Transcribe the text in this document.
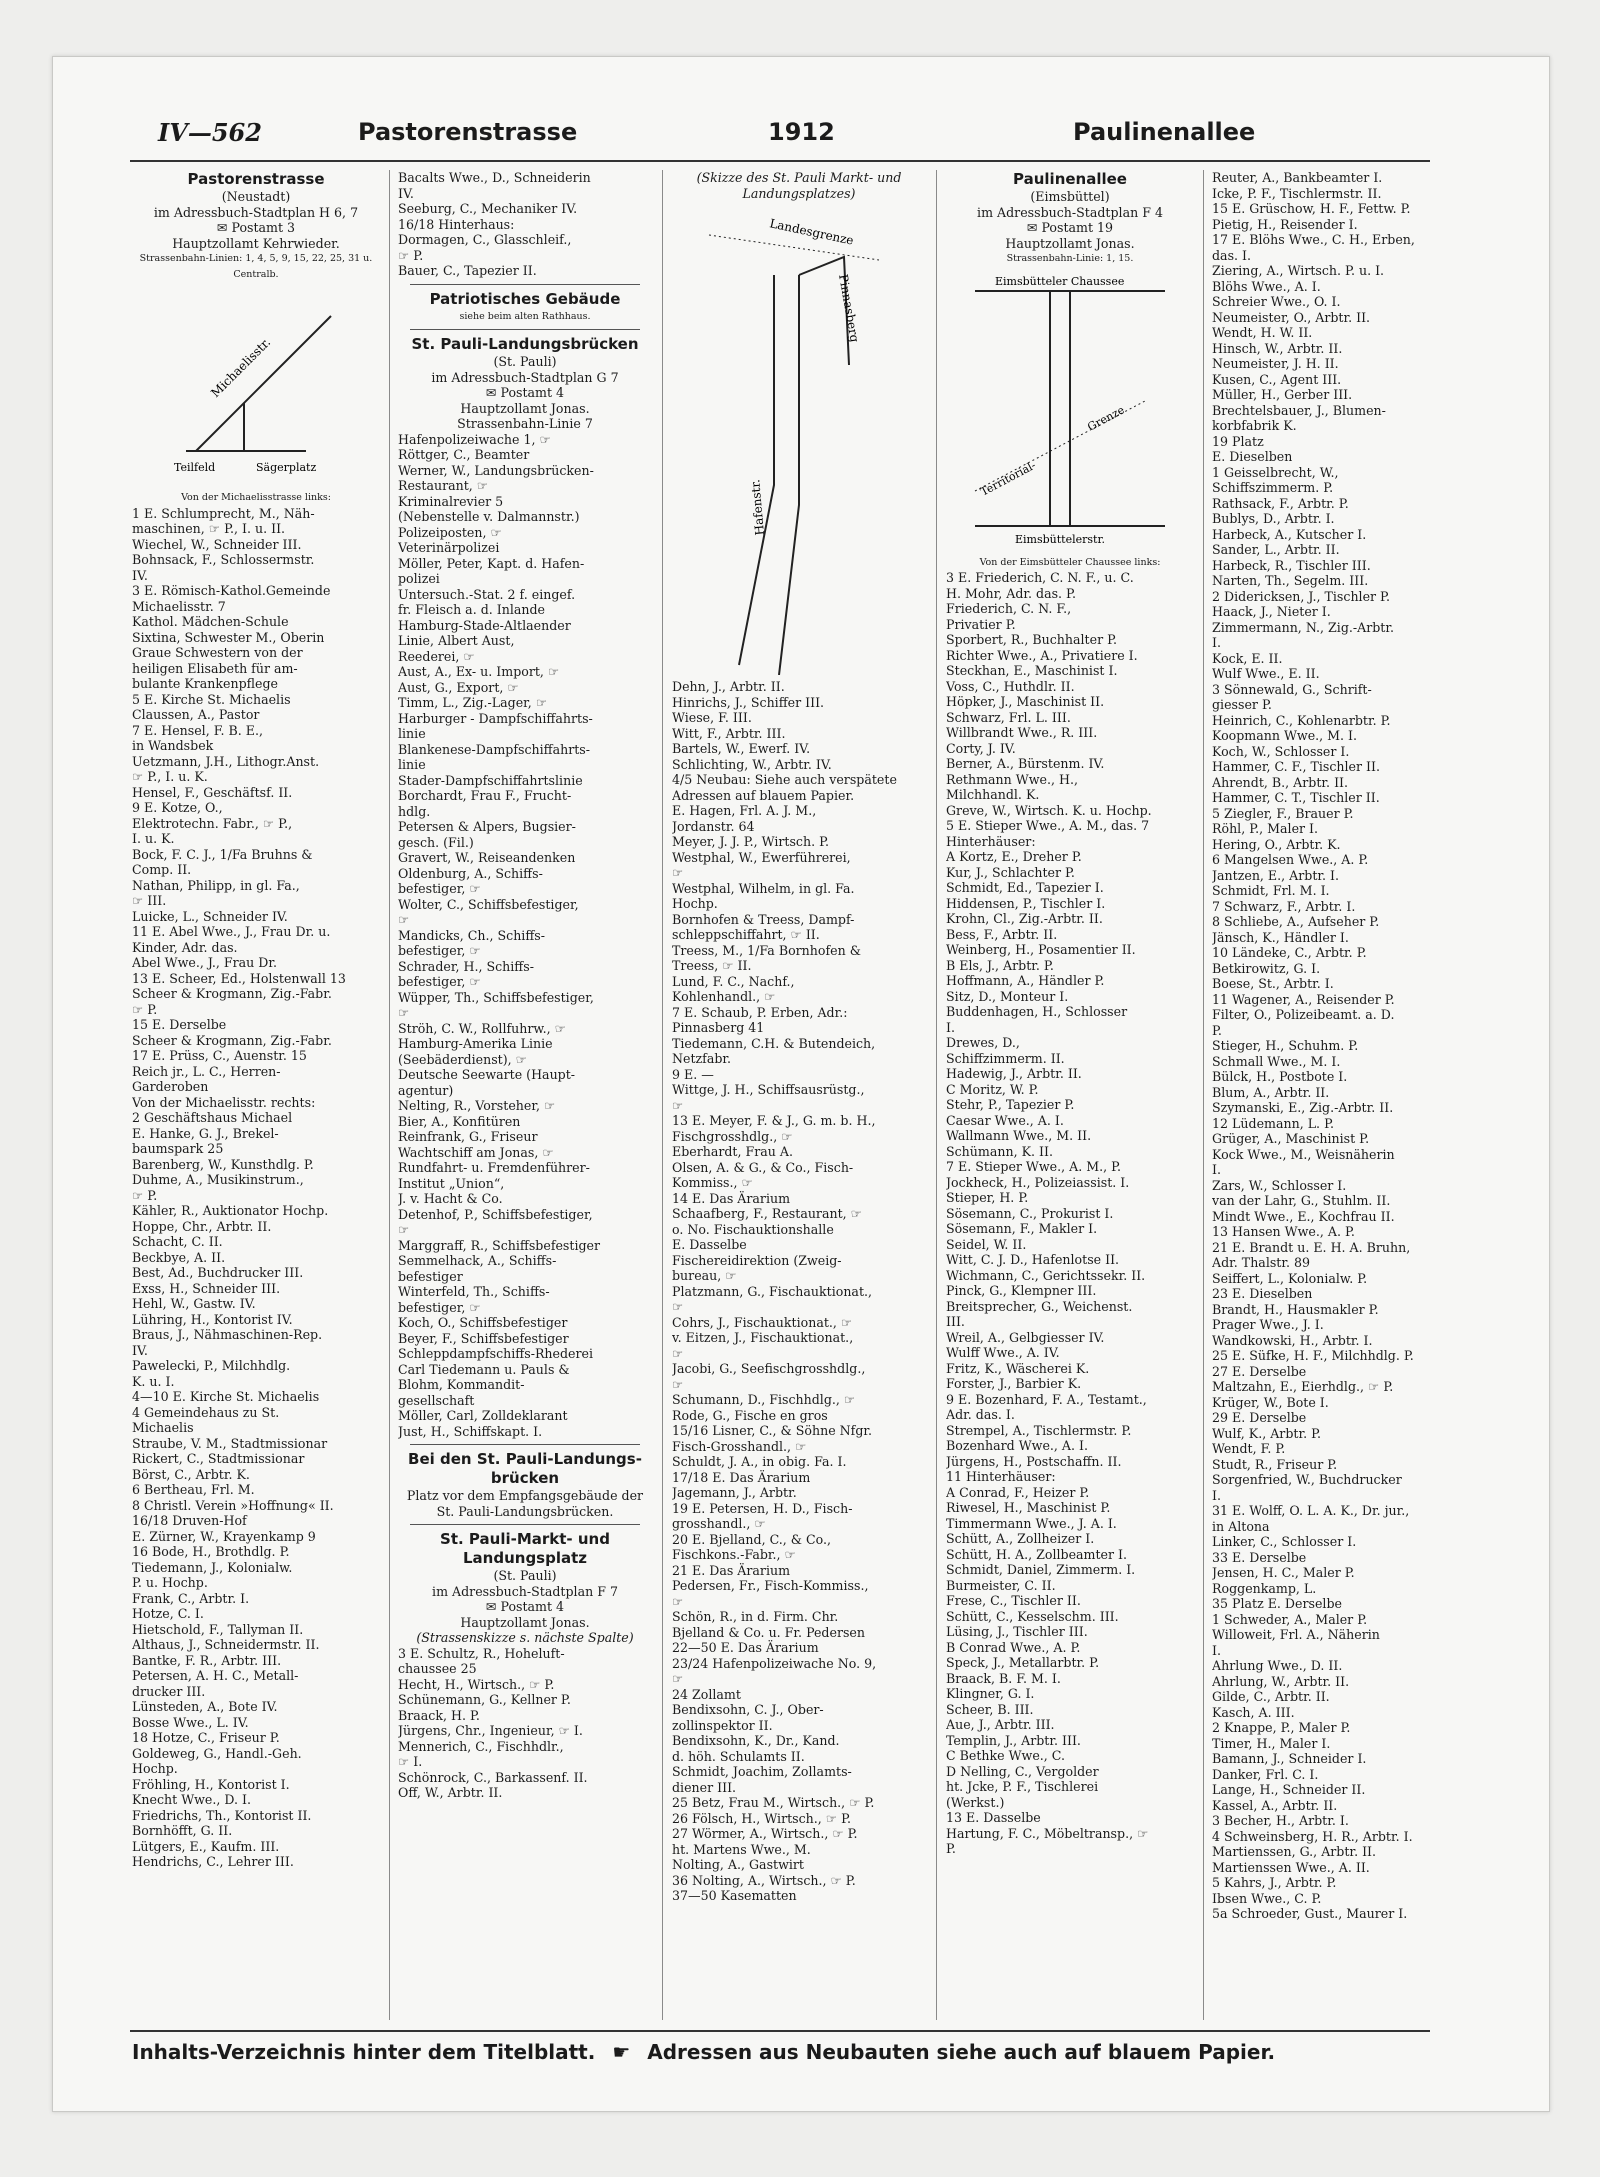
IV—562	Pastorenstrasse	1912	Paulinenallee
Pastorenstrasse
(Neustadt)
im Adressbuch-Stadtplan H 6, 7
✉ Postamt 3
Hauptzollamt Kehrwieder.
Strassenbahn-Linien: 1, 4, 5, 9, 15, 22, 25, 31 u. Centralb.
Michaelisstr.
Teilfeld	Sägerplatz
Von der Michaelisstrasse links:
1 E. Schlumprecht, M., Näh-
maschinen, ☞ P., I. u. II.
Wiechel, W., Schneider III.
Bohnsack, F., Schlossermstr.
IV.
3 E. Römisch-Kathol.Gemeinde
Michaelisstr. 7
Kathol. Mädchen-Schule
Sixtina, Schwester M., Oberin
Graue Schwestern von der
heiligen Elisabeth für am-
bulante Krankenpflege
5 E. Kirche St. Michaelis
Claussen, A., Pastor
7 E. Hensel, F. B. E.,
in Wandsbek
Uetzmann, J.H., Lithogr.Anst.
☞ P., I. u. K.
Hensel, F., Geschäftsf. II.
9 E. Kotze, O.,
Elektrotechn. Fabr., ☞ P.,
I. u. K.
Bock, F. C. J., 1/Fa Bruhns &
Comp. II.
Nathan, Philipp, in gl. Fa.,
☞ III.
Luicke, L., Schneider IV.
11 E. Abel Wwe., J., Frau Dr. u.
Kinder, Adr. das.
Abel Wwe., J., Frau Dr.
13 E. Scheer, Ed., Holstenwall 13
Scheer & Krogmann, Zig.-Fabr.
☞ P.
15 E. Derselbe
Scheer & Krogmann, Zig.-Fabr.
17 E. Prüss, C., Auenstr. 15
Reich jr., L. C., Herren-
Garderoben
Von der Michaelisstr. rechts:
2 Geschäftshaus Michael
E. Hanke, G. J., Brekel-
baumspark 25
Barenberg, W., Kunsthdlg. P.
Duhme, A., Musikinstrum.,
☞ P.
Kähler, R., Auktionator Hochp.
Hoppe, Chr., Arbtr. II.
Schacht, C. II.
Beckbye, A. II.
Best, Ad., Buchdrucker III.
Exss, H., Schneider III.
Hehl, W., Gastw. IV.
Lühring, H., Kontorist IV.
Braus, J., Nähmaschinen-Rep.
IV.
Pawelecki, P., Milchhdlg.
K. u. I.
4—10 E. Kirche St. Michaelis
4 Gemeindehaus zu St.
Michaelis
Straube, V. M., Stadtmissionar
Rickert, C., Stadtmissionar
Börst, C., Arbtr. K.
6 Bertheau, Frl. M.
8 Christl. Verein »Hoffnung« II.
16/18 Druven-Hof
E. Zürner, W., Krayenkamp 9
16 Bode, H., Brothdlg. P.
Tiedemann, J., Kolonialw.
P. u. Hochp.
Frank, C., Arbtr. I.
Hotze, C. I.
Hietschold, F., Tallyman II.
Althaus, J., Schneidermstr. II.
Bantke, F. R., Arbtr. III.
Petersen, A. H. C., Metall-
drucker III.
Lünsteden, A., Bote IV.
Bosse Wwe., L. IV.
18 Hotze, C., Friseur P.
Goldeweg, G., Handl.-Geh.
Hochp.
Fröhling, H., Kontorist I.
Knecht Wwe., D. I.
Friedrichs, Th., Kontorist II.
Bornhöfft, G. II.
Lütgers, E., Kaufm. III.
Hendrichs, C., Lehrer III.
Bacalts Wwe., D., Schneiderin
IV.
Seeburg, C., Mechaniker IV.
16/18 Hinterhaus:
Dormagen, C., Glasschleif.,
☞ P.
Bauer, C., Tapezier II.
Patriotisches Gebäude
siehe beim alten Rathhaus.
St. Pauli-Landungsbrücken
(St. Pauli)
im Adressbuch-Stadtplan G 7
✉ Postamt 4
Hauptzollamt Jonas.
Strassenbahn-Linie 7
Hafenpolizeiwache 1, ☞
Röttger, C., Beamter
Werner, W., Landungsbrücken-
Restaurant, ☞
Kriminalrevier 5
(Nebenstelle v. Dalmannstr.)
Polizeiposten, ☞
Veterinärpolizei
Möller, Peter, Kapt. d. Hafen-
polizei
Untersuch.-Stat. 2 f. eingef.
fr. Fleisch a. d. Inlande
Hamburg-Stade-Altlaender
Linie, Albert Aust,
Reederei, ☞
Aust, A., Ex- u. Import, ☞
Aust, G., Export, ☞
Timm, L., Zig.-Lager, ☞
Harburger - Dampfschiffahrts-
linie
Blankenese-Dampfschiffahrts-
linie
Stader-Dampfschiffahrtslinie
Borchardt, Frau F., Frucht-
hdlg.
Petersen & Alpers, Bugsier-
gesch. (Fil.)
Gravert, W., Reiseandenken
Oldenburg, A., Schiffs-
befestiger, ☞
Wolter, C., Schiffsbefestiger,
☞
Mandicks, Ch., Schiffs-
befestiger, ☞
Schrader, H., Schiffs-
befestiger, ☞
Wüpper, Th., Schiffsbefestiger,
☞
Ströh, C. W., Rollfuhrw., ☞
Hamburg-Amerika Linie
(Seebäderdienst), ☞
Deutsche Seewarte (Haupt-
agentur)
Nelting, R., Vorsteher, ☞
Bier, A., Konfitüren
Reinfrank, G., Friseur
Wachtschiff am Jonas, ☞
Rundfahrt- u. Fremdenführer-
Institut „Union“,
J. v. Hacht & Co.
Detenhof, P., Schiffsbefestiger,
☞
Marggraff, R., Schiffsbefestiger
Semmelhack, A., Schiffs-
befestiger
Winterfeld, Th., Schiffs-
befestiger, ☞
Koch, O., Schiffsbefestiger
Beyer, F., Schiffsbefestiger
Schleppdampfschiffs-Rhederei
Carl Tiedemann u. Pauls &
Blohm, Kommandit-
gesellschaft
Möller, Carl, Zolldeklarant
Just, H., Schiffskapt. I.
Bei den St. Pauli-Landungs-brücken
Platz vor dem Empfangsgebäude der St. Pauli-Landungsbrücken.
St. Pauli-Markt- und Landungsplatz
(St. Pauli)
im Adressbuch-Stadtplan F 7
✉ Postamt 4
Hauptzollamt Jonas.
(Strassenskizze s. nächste Spalte)
3 E. Schultz, R., Hoheluft-
chaussee 25
Hecht, H., Wirtsch., ☞ P.
Schünemann, G., Kellner P.
Braack, H. P.
Jürgens, Chr., Ingenieur, ☞ I.
Mennerich, C., Fischhdlr.,
☞ I.
Schönrock, C., Barkassenf. II.
Off, W., Arbtr. II.
(Skizze des St. Pauli Markt- und Landungsplatzes)
Landesgrenze
Pinnasberg
Hafenstr.
Dehn, J., Arbtr. II.
Hinrichs, J., Schiffer III.
Wiese, F. III.
Witt, F., Arbtr. III.
Bartels, W., Ewerf. IV.
Schlichting, W., Arbtr. IV.
4/5 Neubau: Siehe auch verspätete
Adressen auf blauem Papier.
E. Hagen, Frl. A. J. M.,
Jordanstr. 64
Meyer, J. J. P., Wirtsch. P.
Westphal, W., Ewerführerei,
☞
Westphal, Wilhelm, in gl. Fa.
Hochp.
Bornhofen & Treess, Dampf-
schleppschiffahrt, ☞ II.
Treess, M., 1/Fa Bornhofen &
Treess, ☞ II.
Lund, F. C., Nachf.,
Kohlenhandl., ☞
7 E. Schaub, P. Erben, Adr.:
Pinnasberg 41
Tiedemann, C.H. & Butendeich,
Netzfabr.
9 E. —
Wittge, J. H., Schiffsausrüstg.,
☞
13 E. Meyer, F. & J., G. m. b. H.,
Fischgrosshdlg., ☞
Eberhardt, Frau A.
Olsen, A. & G., & Co., Fisch-
Kommiss., ☞
14 E. Das Ärarium
Schaafberg, F., Restaurant, ☞
o. No. Fischauktionshalle
E. Dasselbe
Fischereidirektion (Zweig-
bureau, ☞
Platzmann, G., Fischauktionat.,
☞
Cohrs, J., Fischauktionat., ☞
v. Eitzen, J., Fischauktionat.,
☞
Jacobi, G., Seefischgrosshdlg.,
☞
Schumann, D., Fischhdlg., ☞
Rode, G., Fische en gros
15/16 Lisner, C., & Söhne Nfgr.
Fisch-Grosshandl., ☞
Schuldt, J. A., in obig. Fa. I.
17/18 E. Das Ärarium
Jagemann, J., Arbtr.
19 E. Petersen, H. D., Fisch-
grosshandl., ☞
20 E. Bjelland, C., & Co.,
Fischkons.-Fabr., ☞
21 E. Das Ärarium
Pedersen, Fr., Fisch-Kommiss.,
☞
Schön, R., in d. Firm. Chr.
Bjelland & Co. u. Fr. Pedersen
22—50 E. Das Ärarium
23/24 Hafenpolizeiwache No. 9,
☞
24 Zollamt
Bendixsohn, C. J., Ober-
zollinspektor II.
Bendixsohn, K., Dr., Kand.
d. höh. Schulamts II.
Schmidt, Joachim, Zollamts-
diener III.
25 Betz, Frau M., Wirtsch., ☞ P.
26 Fölsch, H., Wirtsch., ☞ P.
27 Wörmer, A., Wirtsch., ☞ P.
ht. Martens Wwe., M.
Nolting, A., Gastwirt
36 Nolting, A., Wirtsch., ☞ P.
37—50 Kasematten
Paulinenallee
(Eimsbüttel)
im Adressbuch-Stadtplan F 4
✉ Postamt 19
Hauptzollamt Jonas.
Strassenbahn-Linie: 1, 15.
Eimsbütteler Chaussee
Territorial-
Grenze
Eimsbüttelerstr.
Von der Eimsbütteler Chaussee links:
3 E. Friederich, C. N. F., u. C.
H. Mohr, Adr. das. P.
Friederich, C. N. F.,
Privatier P.
Sporbert, R., Buchhalter P.
Richter Wwe., A., Privatiere I.
Steckhan, E., Maschinist I.
Voss, C., Huthdlr. II.
Höpker, J., Maschinist II.
Schwarz, Frl. L. III.
Willbrandt Wwe., R. III.
Corty, J. IV.
Berner, A., Bürstenm. IV.
Rethmann Wwe., H.,
Milchhandl. K.
Greve, W., Wirtsch. K. u. Hochp.
5 E. Stieper Wwe., A. M., das. 7
Hinterhäuser:
A Kortz, E., Dreher P.
Kur, J., Schlachter P.
Schmidt, Ed., Tapezier I.
Hiddensen, P., Tischler I.
Krohn, Cl., Zig.-Arbtr. II.
Bess, F., Arbtr. II.
Weinberg, H., Posamentier II.
B Els, J., Arbtr. P.
Hoffmann, A., Händler P.
Sitz, D., Monteur I.
Buddenhagen, H., Schlosser
I.
Drewes, D.,
Schiffzimmerm. II.
Hadewig, J., Arbtr. II.
C Moritz, W. P.
Stehr, P., Tapezier P.
Caesar Wwe., A. I.
Wallmann Wwe., M. II.
Schümann, K. II.
7 E. Stieper Wwe., A. M., P.
Jockheck, H., Polizeiassist. I.
Stieper, H. P.
Sösemann, C., Prokurist I.
Sösemann, F., Makler I.
Seidel, W. II.
Witt, C. J. D., Hafenlotse II.
Wichmann, C., Gerichtssekr. II.
Pinck, G., Klempner III.
Breitsprecher, G., Weichenst.
III.
Wreil, A., Gelbgiesser IV.
Wulff Wwe., A. IV.
Fritz, K., Wäscherei K.
Forster, J., Barbier K.
9 E. Bozenhard, F. A., Testamt.,
Adr. das. I.
Strempel, A., Tischlermstr. P.
Bozenhard Wwe., A. I.
Jürgens, H., Postschaffn. II.
11 Hinterhäuser:
A Conrad, F., Heizer P.
Riwesel, H., Maschinist P.
Timmermann Wwe., J. A. I.
Schütt, A., Zollheizer I.
Schütt, H. A., Zollbeamter I.
Schmidt, Daniel, Zimmerm. I.
Burmeister, C. II.
Frese, C., Tischler II.
Schütt, C., Kesselschm. III.
Lüsing, J., Tischler III.
B Conrad Wwe., A. P.
Speck, J., Metallarbtr. P.
Braack, B. F. M. I.
Klingner, G. I.
Scheer, B. III.
Aue, J., Arbtr. III.
Templin, J., Arbtr. III.
C Bethke Wwe., C.
D Nelling, C., Vergolder
ht. Jcke, P. F., Tischlerei
(Werkst.)
13 E. Dasselbe
Hartung, F. C., Möbeltransp., ☞
P.
Reuter, A., Bankbeamter I.
Icke, P. F., Tischlermstr. II.
15 E. Grüschow, H. F., Fettw. P.
Pietig, H., Reisender I.
17 E. Blöhs Wwe., C. H., Erben,
das. I.
Ziering, A., Wirtsch. P. u. I.
Blöhs Wwe., A. I.
Schreier Wwe., O. I.
Neumeister, O., Arbtr. II.
Wendt, H. W. II.
Hinsch, W., Arbtr. II.
Neumeister, J. H. II.
Kusen, C., Agent III.
Müller, H., Gerber III.
Brechtelsbauer, J., Blumen-
korbfabrik K.
19 Platz
E. Dieselben
1 Geisselbrecht, W.,
Schiffszimmerm. P.
Rathsack, F., Arbtr. P.
Bublys, D., Arbtr. I.
Harbeck, A., Kutscher I.
Sander, L., Arbtr. II.
Harbeck, R., Tischler III.
Narten, Th., Segelm. III.
2 Didericksen, J., Tischler P.
Haack, J., Nieter I.
Zimmermann, N., Zig.-Arbtr.
I.
Kock, E. II.
Wulf Wwe., E. II.
3 Sönnewald, G., Schrift-
giesser P.
Heinrich, C., Kohlenarbtr. P.
Koopmann Wwe., M. I.
Koch, W., Schlosser I.
Hammer, C. F., Tischler II.
Ahrendt, B., Arbtr. II.
Hammer, C. T., Tischler II.
5 Ziegler, F., Brauer P.
Röhl, P., Maler I.
Hering, O., Arbtr. K.
6 Mangelsen Wwe., A. P.
Jantzen, E., Arbtr. I.
Schmidt, Frl. M. I.
7 Schwarz, F., Arbtr. I.
8 Schliebe, A., Aufseher P.
Jänsch, K., Händler I.
10 Ländeke, C., Arbtr. P.
Betkirowitz, G. I.
Boese, St., Arbtr. I.
11 Wagener, A., Reisender P.
Filter, O., Polizeibeamt. a. D.
P.
Stieger, H., Schuhm. P.
Schmall Wwe., M. I.
Bülck, H., Postbote I.
Blum, A., Arbtr. II.
Szymanski, E., Zig.-Arbtr. II.
12 Lüdemann, L. P.
Grüger, A., Maschinist P.
Kock Wwe., M., Weisnäherin
I.
Zars, W., Schlosser I.
van der Lahr, G., Stuhlm. II.
Mindt Wwe., E., Kochfrau II.
13 Hansen Wwe., A. P.
21 E. Brandt u. E. H. A. Bruhn,
Adr. Thalstr. 89
Seiffert, L., Kolonialw. P.
23 E. Dieselben
Brandt, H., Hausmakler P.
Prager Wwe., J. I.
Wandkowski, H., Arbtr. I.
25 E. Süfke, H. F., Milchhdlg. P.
27 E. Derselbe
Maltzahn, E., Eierhdlg., ☞ P.
Krüger, W., Bote I.
29 E. Derselbe
Wulf, K., Arbtr. P.
Wendt, F. P.
Studt, R., Friseur P.
Sorgenfried, W., Buchdrucker
I.
31 E. Wolff, O. L. A. K., Dr. jur.,
in Altona
Linker, C., Schlosser I.
33 E. Derselbe
Jensen, H. C., Maler P.
Roggenkamp, L.
35 Platz E. Derselbe
1 Schweder, A., Maler P.
Willoweit, Frl. A., Näherin
I.
Ahrlung Wwe., D. II.
Ahrlung, W., Arbtr. II.
Gilde, C., Arbtr. II.
Kasch, A. III.
2 Knappe, P., Maler P.
Timer, H., Maler I.
Bamann, J., Schneider I.
Danker, Frl. C. I.
Lange, H., Schneider II.
Kassel, A., Arbtr. II.
3 Becher, H., Arbtr. I.
4 Schweinsberg, H. R., Arbtr. I.
Martienssen, G., Arbtr. II.
Martienssen Wwe., A. II.
5 Kahrs, J., Arbtr. P.
Ibsen Wwe., C. P.
5a Schroeder, Gust., Maurer I.
Inhalts-Verzeichnis hinter dem Titelblatt. ☛ Adressen aus Neubauten siehe auch auf blauem Papier.
